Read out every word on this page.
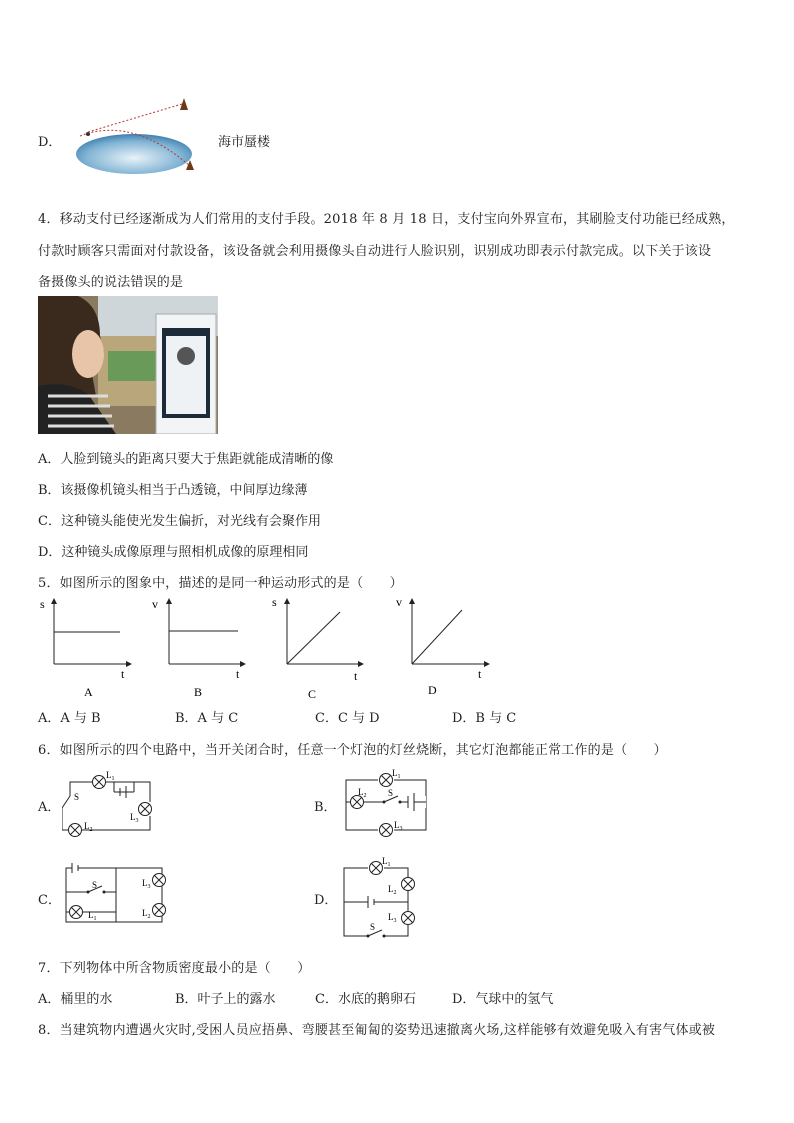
D．	海市蜃楼
4．移动支付已经逐渐成为人们常用的支付手段。2018 年 8 月 18 日，支付宝向外界宣布，其刷脸支付功能已经成熟，
付款时顾客只需面对付款设备，该设备就会利用摄像头自动进行人脸识别，识别成功即表示付款完成。以下关于该设
备摄像头的说法错误的是
A．人脸到镜头的距离只要大于焦距就能成清晰的像
B．该摄像机镜头相当于凸透镜，中间厚边缘薄
C．这种镜头能使光发生偏折，对光线有会聚作用
D．这种镜头成像原理与照相机成像的原理相同
5．如图所示的图象中，描述的是同一种运动形式的是（　　）
s
t
A
v
t
B
s
t
C
v
t
D
A．A 与 B	B．A 与 C	C．C 与 D	D．B 与 C
6．如图所示的四个电路中，当开关闭合时，任意一个灯泡的灯丝烧断，其它灯泡都能正常工作的是（　　）
A．
$L_1$
S
$L_3$
$L_2$
B．
$L_1$
$L_2$ S
$L_3$
C．
S	$L_3$
$L_1$
$L_2$
D．
$L_1$
$L_2$
$L_3$
S
7．下列物体中所含物质密度最小的是（　　）
A．桶里的水	B．叶子上的露水	C．水底的鹅卵石	D．气球中的氢气
8．当建筑物内遭遇火灾时,受困人员应捂鼻、弯腰甚至匍匐的姿势迅速撤离火场,这样能够有效避免吸入有害气体或被
